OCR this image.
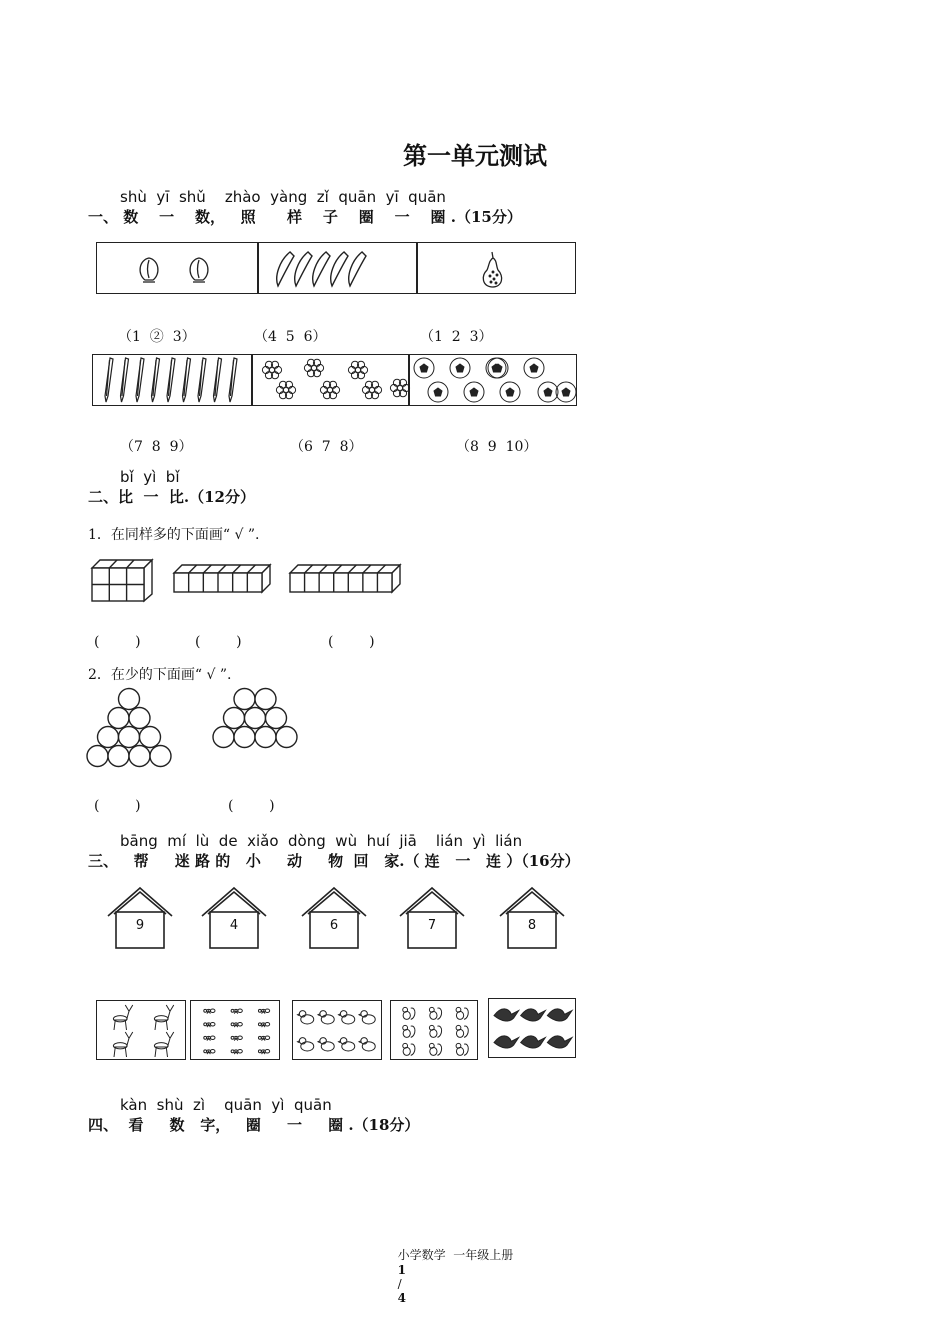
第一单元测试
shù  yī  shǔ    zhào  yàng  zǐ  quān  yī  quān
一、 数    一    数，   照      样    子    圈    一    圈 .（15分）
（1  ②  3）	（4  5  6）	（1  2  3）
（7  8  9）	（6  7  8）	（8  9  10）
bǐ  yì  bǐ
二、比  一  比.（12分）
1．在同样多的下面画“ √ ”.
(        )	(        )	(        )
2．在少的下面画“ √ ”.
(        )	(        )
bāng  mí  lù  de  xiǎo  dòng  wù  huí  jiā    lián  yì  lián
三、   帮     迷 路 的   小     动     物  回   家.（ 连   一   连 ）（16分）
9	4	6	7	8
kàn  shù  zì    quān  yì  quān
四、  看     数   字，   圈     一     圈 .（18分）

小学数学  一年级上册
1
/
4
